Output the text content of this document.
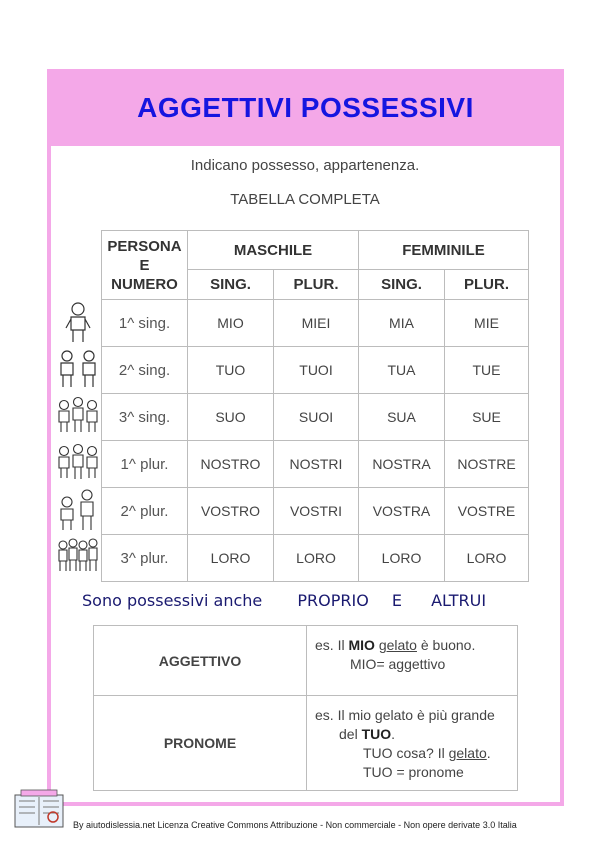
AGGETTIVI POSSESSIVI
Indicano possesso, appartenenza.
TABELLA COMPLETA
PERSONA
E
NUMERO	MASCHILE		FEMMINILE	
	SING.	PLUR.	SING.	PLUR.
1^ sing.	MIO	MIEI	MIA	MIE
2^ sing.	TUO	TUOI	TUA	TUE
3^ sing.	SUO	SUOI	SUA	SUE
1^ plur.	NOSTRO	NOSTRI	NOSTRA	NOSTRE
2^ plur.	VOSTRO	VOSTRI	VOSTRA	VOSTRE
3^ plur.	LORO	LORO	LORO	LORO
Sono possessivi anche PROPRIO E ALTRUI
AGGETTIVO	es. Il MIO gelato è buono.
MIO= aggettivo

PRONOME	es. Il mio gelato è più grande
del TUO.
TUO cosa? Il gelato.
TUO = pronome
By aiutodislessia.net Licenza Creative Commons Attribuzione - Non commerciale - Non opere derivate 3.0 Italia
